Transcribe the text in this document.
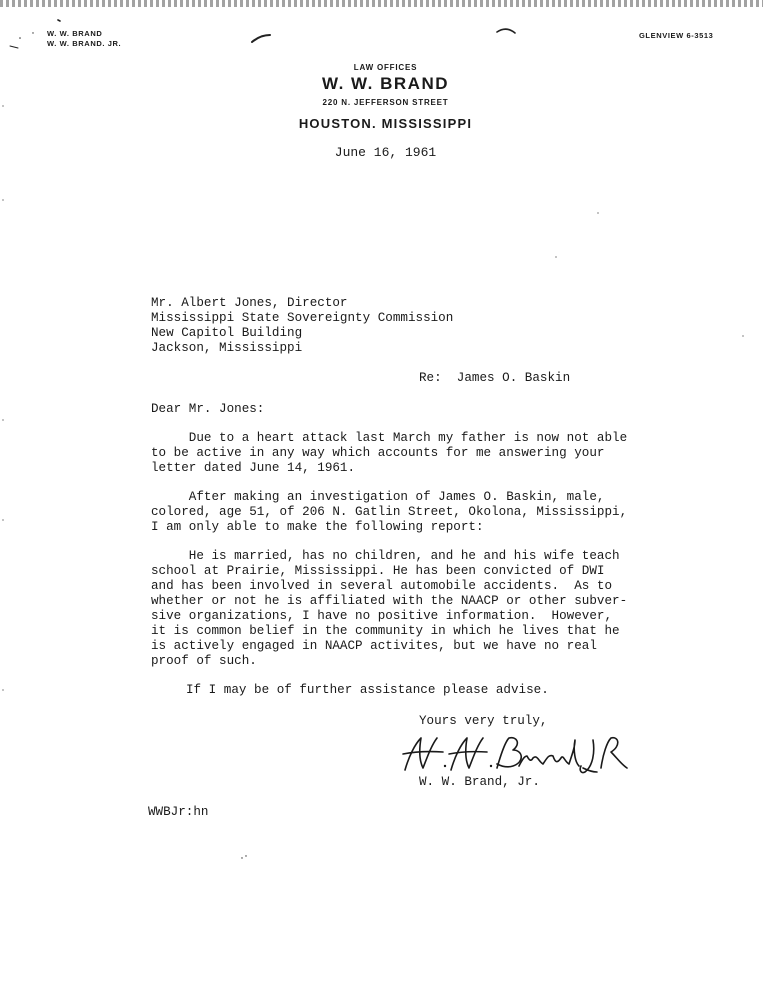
W. W. BRAND
W. W. BRAND. JR.
GLENVIEW 6-3513
LAW OFFICES
W. W. BRAND
220 N. JEFFERSON STREET
HOUSTON. MISSISSIPPI
June 16, 1961
Mr. Albert Jones, Director
Mississippi State Sovereignty Commission
New Capitol Building
Jackson, Mississippi
Re:  James O. Baskin
Dear Mr. Jones:
Due to a heart attack last March my father is now not able
to be active in any way which accounts for me answering your
letter dated June 14, 1961.
After making an investigation of James O. Baskin, male,
colored, age 51, of 206 N. Gatlin Street, Okolona, Mississippi,
I am only able to make the following report:
He is married, has no children, and he and his wife teach
school at Prairie, Mississippi. He has been convicted of DWI
and has been involved in several automobile accidents.  As to
whether or not he is affiliated with the NAACP or other subver-
sive organizations, I have no positive information.  However,
it is common belief in the community in which he lives that he
is actively engaged in NAACP activites, but we have no real
proof of such.
If I may be of further assistance please advise.
Yours very truly,
W. W. Brand, Jr.
WWBJr:hn
